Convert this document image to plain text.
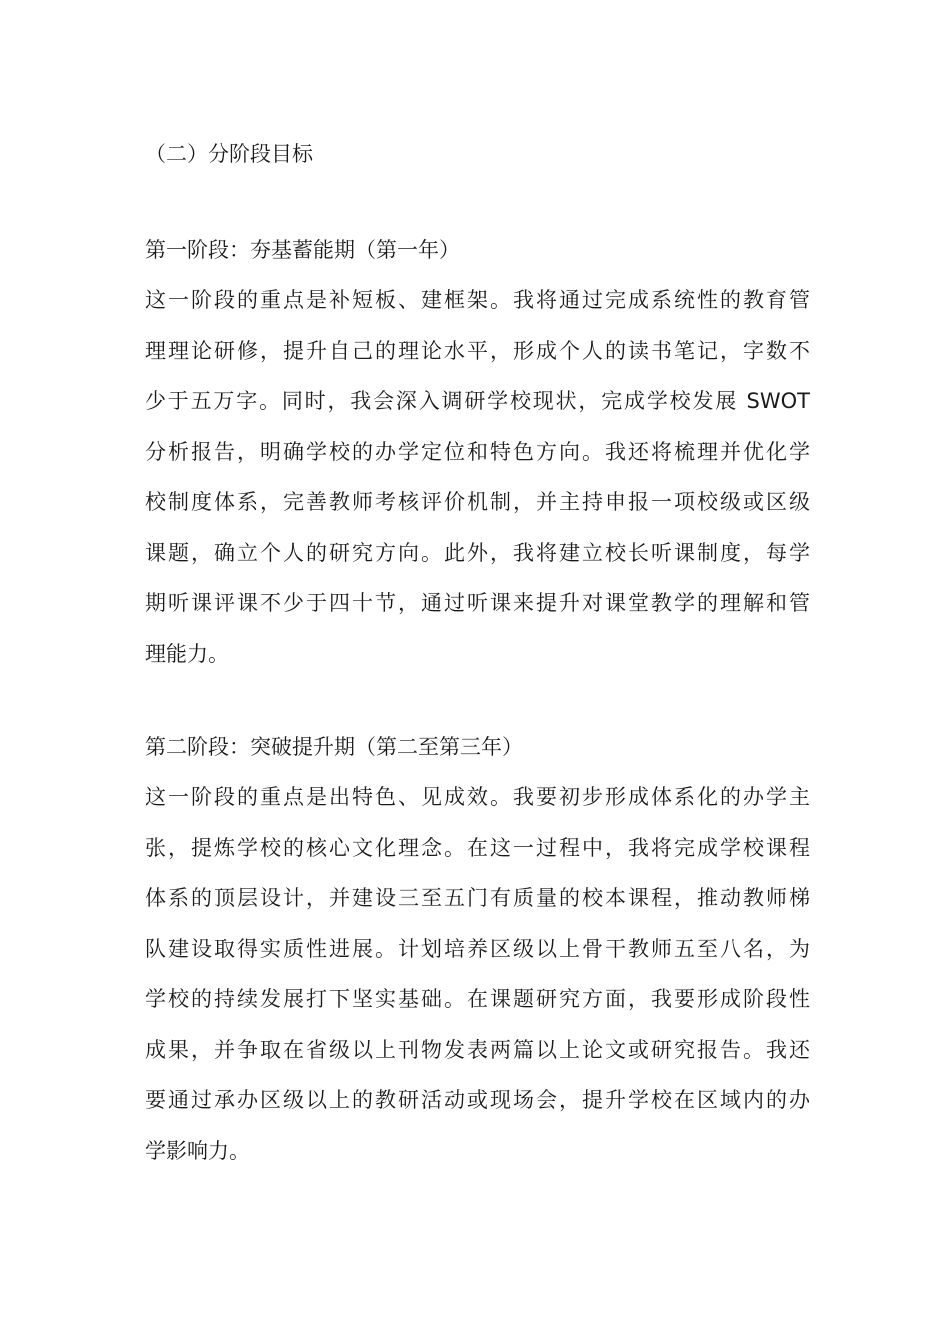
（二）分阶段目标
第一阶段：夯基蓄能期（第一年）
这一阶段的重点是补短板、建框架。我将通过完成系统性的教育管
理理论研修，提升自己的理论水平，形成个人的读书笔记，字数不
少于五万字。同时，我会深入调研学校现状，完成学校发展 SWOT
分析报告，明确学校的办学定位和特色方向。我还将梳理并优化学
校制度体系，完善教师考核评价机制，并主持申报一项校级或区级
课题，确立个人的研究方向。此外，我将建立校长听课制度，每学
期听课评课不少于四十节，通过听课来提升对课堂教学的理解和管
理能力。
第二阶段：突破提升期（第二至第三年）
这一阶段的重点是出特色、见成效。我要初步形成体系化的办学主
张，提炼学校的核心文化理念。在这一过程中，我将完成学校课程
体系的顶层设计，并建设三至五门有质量的校本课程，推动教师梯
队建设取得实质性进展。计划培养区级以上骨干教师五至八名，为
学校的持续发展打下坚实基础。在课题研究方面，我要形成阶段性
成果，并争取在省级以上刊物发表两篇以上论文或研究报告。我还
要通过承办区级以上的教研活动或现场会，提升学校在区域内的办
学影响力。
